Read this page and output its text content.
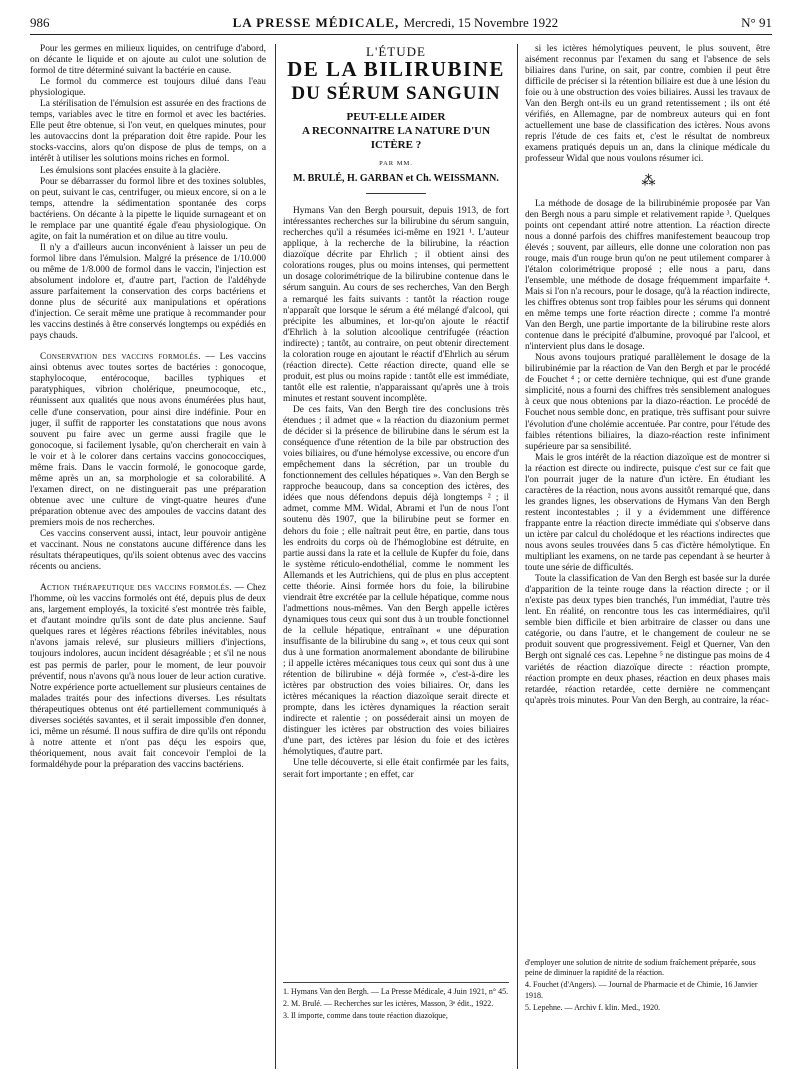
986	LA PRESSE MÉDICALE, Mercredi, 15 Novembre 1922	N° 91

Pour les germes en milieux liquides, on centrifuge d'abord, on décante le liquide et on ajoute au culot une solution de formol de titre déterminé suivant la bactérie en cause.

Le formol du commerce est toujours dilué dans l'eau physiologique.

La stérilisation de l'émulsion est assurée en des fractions de temps, variables avec le titre en formol et avec les bactéries. Elle peut être obtenue, si l'on veut, en quelques minutes, pour les autovaccins dont la préparation doit être rapide. Pour les stocks-vaccins, alors qu'on dispose de plus de temps, on a intérêt à utiliser les solutions moins riches en formol.

Les émulsions sont placées ensuite à la glacière.

Pour se débarrasser du formol libre et des toxines solubles, on peut, suivant le cas, centrifuger, ou mieux encore, si on a le temps, attendre la sédimentation spontanée des corps bactériens. On décante à la pipette le liquide surnageant et on le remplace par une quantité égale d'eau physiologique. On agite, on fait la numération et on dilue au titre voulu.

Il n'y a d'ailleurs aucun inconvénient à laisser un peu de formol libre dans l'émulsion. Malgré la présence de 1/10.000 ou même de 1/8.000 de formol dans le vaccin, l'injection est absolument indolore et, d'autre part, l'action de l'aldéhyde assure parfaitement la conservation des corps bactériens et donne plus de sécurité aux manipulations et opérations d'injection. Ce serait même une pratique à recommander pour les vaccins destinés à être conservés longtemps ou expédiés en pays chauds.

Conservation des vaccins formolés. — Les vaccins ainsi obtenus avec toutes sortes de bactéries : gonocoque, staphylocoque, entérocoque, bacilles typhiques et paratyphiques, vibrion cholérique, pneumocoque, etc., réunissent aux qualités que nous avons énumérées plus haut, celle d'une conservation, pour ainsi dire indéfinie. Pour en juger, il suffit de rapporter les constatations que nous avons souvent pu faire avec un germe aussi fragile que le gonocoque, si facilement lysable, qu'on chercherait en vain à le voir et à le colorer dans certains vaccins gonococciques, même frais. Dans le vaccin formolé, le gonocoque garde, même après un an, sa morphologie et sa colorabilité. A l'examen direct, on ne distinguerait pas une préparation obtenue avec une culture de vingt-quatre heures d'une préparation obtenue avec des ampoules de vaccins datant des premiers mois de nos recherches.

Ces vaccins conservent aussi, intact, leur pouvoir antigène et vaccinant. Nous ne constatons aucune différence dans les résultats thérapeutiques, qu'ils soient obtenus avec des vaccins récents ou anciens.

Action thérapeutique des vaccins formolés. — Chez l'homme, où les vaccins formolés ont été, depuis plus de deux ans, largement employés, la toxicité s'est montrée très faible, et d'autant moindre qu'ils sont de date plus ancienne. Sauf quelques rares et légères réactions fébriles inévitables, nous n'avons jamais relevé, sur plusieurs milliers d'injections, toujours indolores, aucun incident désagréable ; et s'il ne nous est pas permis de parler, pour le moment, de leur pouvoir préventif, nous n'avons qu'à nous louer de leur action curative. Notre expérience porte actuellement sur plusieurs centaines de malades traités pour des infections diverses. Les résultats thérapeutiques obtenus ont été partiellement communiqués à diverses sociétés savantes, et il serait impossible d'en donner, ici, même un résumé. Il nous suffira de dire qu'ils ont répondu à notre attente et n'ont pas déçu les espoirs que, théoriquement, nous avait fait concevoir l'emploi de la formaldéhyde pour la préparation des vaccins bactériens.

L'ÉTUDE
DE LA BILIRUBINE
DU SÉRUM SANGUIN
PEUT-ELLE AIDER
A RECONNAITRE LA NATURE D'UN ICTÈRE ?
PAR MM.
M. BRULÉ, H. GARBAN et Ch. WEISSMANN.

Hymans Van den Bergh poursuit, depuis 1913, de fort intéressantes recherches sur la bilirubine du sérum sanguin, recherches qu'il a résumées ici-même en 1921 ¹. L'auteur applique, à la recherche de la bilirubine, la réaction diazoïque décrite par Ehrlich ; il obtient ainsi des colorations rouges, plus ou moins intenses, qui permettent un dosage colorimétrique de la bilirubine contenue dans le sérum sanguin. Au cours de ses recherches, Van den Bergh a remarqué les faits suivants : tantôt la réaction rouge n'apparaît que lorsque le sérum a été mélangé d'alcool, qui précipite les albumines, et lor-qu'on ajoute le réactif d'Ehrlich à la solution alcoolique centrifugée (réaction indirecte) ; tantôt, au contraire, on peut obtenir directement la coloration rouge en ajoutant le réactif d'Ehrlich au sérum (réaction directe). Cette réaction directe, quand elle se produit, est plus ou moins rapide : tantôt elle est immédiate, tantôt elle est ralentie, n'apparaissant qu'après une à trois minutes et restant souvent incomplète.

De ces faits, Van den Bergh tire des conclusions très étendues ; il admet que « la réaction du diazonium permet de décider si la présence de bilirubine dans le sérum est la conséquence d'une rétention de la bile par obstruction des voies biliaires, ou d'une hémolyse excessive, ou encore d'un empêchement dans la sécrétion, par un trouble du fonctionnement des cellules hépatiques ». Van den Bergh se rapproche beaucoup, dans sa conception des ictères, des idées que nous défendons depuis déjà longtemps ² ; il admet, comme MM. Widal, Abrami et l'un de nous l'ont soutenu dès 1907, que la bilirubine peut se former en dehors du foie ; elle naîtrait peut être, en partie, dans tous les endroits du corps où de l'hémoglobine est détruite, en partie aussi dans la rate et la cellule de Kupfer du foie, dans le système réticulo-endothélial, comme le nomment les Allemands et les Autrichiens, qui de plus en plus acceptent cette théorie. Ainsi formée hors du foie, la bilirubine viendrait être excrétée par la cellule hépatique, comme nous l'admettions nous-mêmes. Van den Bergh appelle ictères dynamiques tous ceux qui sont dus à un trouble fonctionnel de la cellule hépatique, entraînant « une dépuration insuffisante de la bilirubine du sang », et tous ceux qui sont dus à une formation anormalement abondante de bilirubine ; il appelle ictères mécaniques tous ceux qui sont dus à une rétention de bilirubine « déjà formée », c'est-à-dire les ictères par obstruction des voies biliaires. Or, dans les ictères mécaniques la réaction diazoïque serait directe et prompte, dans les ictères dynamiques la réaction serait indirecte et ralentie ; on posséderait ainsi un moyen de distinguer les ictères par obstruction des voies biliaires d'une part, des ictères par lésion du foie et des ictères hémolytiques, d'autre part.

Une telle découverte, si elle était confirmée par les faits, serait fort importante ; en effet, car

1. Hymans Van den Bergh. — La Presse Médicale, 4 Juin 1921, n° 45.

2. M. Brulé. — Recherches sur les ictères, Masson, 3ᵉ édit., 1922.

3. Il importe, comme dans toute réaction diazoïque,

si les ictères hémolytiques peuvent, le plus souvent, être aisément reconnus par l'examen du sang et l'absence de sels biliaires dans l'urine, on sait, par contre, combien il peut être difficile de préciser si la rétention biliaire est due à une lésion du foie ou à une obstruction des voies biliaires. Aussi les travaux de Van den Bergh ont-ils eu un grand retentissement ; ils ont été vérifiés, en Allemagne, par de nombreux auteurs qui en font actuellement une base de classification des ictères. Nous avons repris l'étude de ces faits et, c'est le résultat de nombreux examens pratiqués depuis un an, dans la clinique médicale du professeur Widal que nous voulons résumer ici.

⁂

La méthode de dosage de la bilirubinémie proposée par Van den Bergh nous a paru simple et relativement rapide ³. Quelques points ont cependant attiré notre attention. La réaction directe nous a donné parfois des chiffres manifestement beaucoup trop élevés ; souvent, par ailleurs, elle donne une coloration non pas rouge, mais d'un rouge brun qu'on ne peut utilement comparer à l'étalon colorimétrique proposé ; elle nous a paru, dans l'ensemble, une méthode de dosage fréquemment imparfaite ⁴. Mais si l'on n'a recours, pour le dosage, qu'à la réaction indirecte, les chiffres obtenus sont trop faibles pour les sérums qui donnent en même temps une forte réaction directe ; comme l'a montré Van den Bergh, une partie importante de la bilirubine reste alors contenue dans le précipité d'albumine, provoqué par l'alcool, et n'intervient plus dans le dosage.

Nous avons toujours pratiqué parallèlement le dosage de la bilirubinémie par la réaction de Van den Bergh et par le procédé de Fouchet ⁴ ; or cette dernière technique, qui est d'une grande simplicité, nous a fourni des chiffres très sensiblement analogues à ceux que nous obtenions par la diazo-réaction. Le procédé de Fouchet nous semble donc, en pratique, très suffisant pour suivre l'évolution d'une cholémie accentuée. Par contre, pour l'étude des faibles rétentions biliaires, la diazo-réaction reste infiniment supérieure par sa sensibilité.

Mais le gros intérêt de la réaction diazoïque est de montrer si la réaction est directe ou indirecte, puisque c'est sur ce fait que l'on pourrait juger de la nature d'un ictère. En étudiant les caractères de la réaction, nous avons aussitôt remarqué que, dans les grandes lignes, les observations de Hymans Van den Bergh restent incontestables ; il y a évidemment une différence frappante entre la réaction directe immédiate qui s'observe dans un ictère par calcul du cholédoque et les réactions indirectes que nous avons seules trouvées dans 5 cas d'ictère hémolytique. En multipliant les examens, on ne tarde pas cependant à se heurter à toute une série de difficultés.

Toute la classification de Van den Bergh est basée sur la durée d'apparition de la teinte rouge dans la réaction directe ; or il n'existe pas deux types bien tranchés, l'un immédiat, l'autre très lent. En réalité, on rencontre tous les cas intermédiaires, qu'il semble bien difficile et bien arbitraire de classer ou dans une catégorie, ou dans l'autre, et le changement de couleur ne se produit souvent que progressivement. Feigl et Querner, Van den Bergh ont signalé ces cas. Lepehne ⁵ ne distingue pas moins de 4 variétés de réaction diazoïque directe : réaction prompte, réaction prompte en deux phases, réaction en deux phases mais retardée, réaction retardée, cette dernière ne commençant qu'après trois minutes. Pour Van den Bergh, au contraire, la réac-

d'employer une solution de nitrite de sodium fraîchement préparée, sous peine de diminuer la rapidité de la réaction.

4. Fouchet (d'Angers). — Journal de Pharmacie et de Chimie, 16 Janvier 1918.

5. Lepehne. — Archiv f. klin. Med., 1920.
